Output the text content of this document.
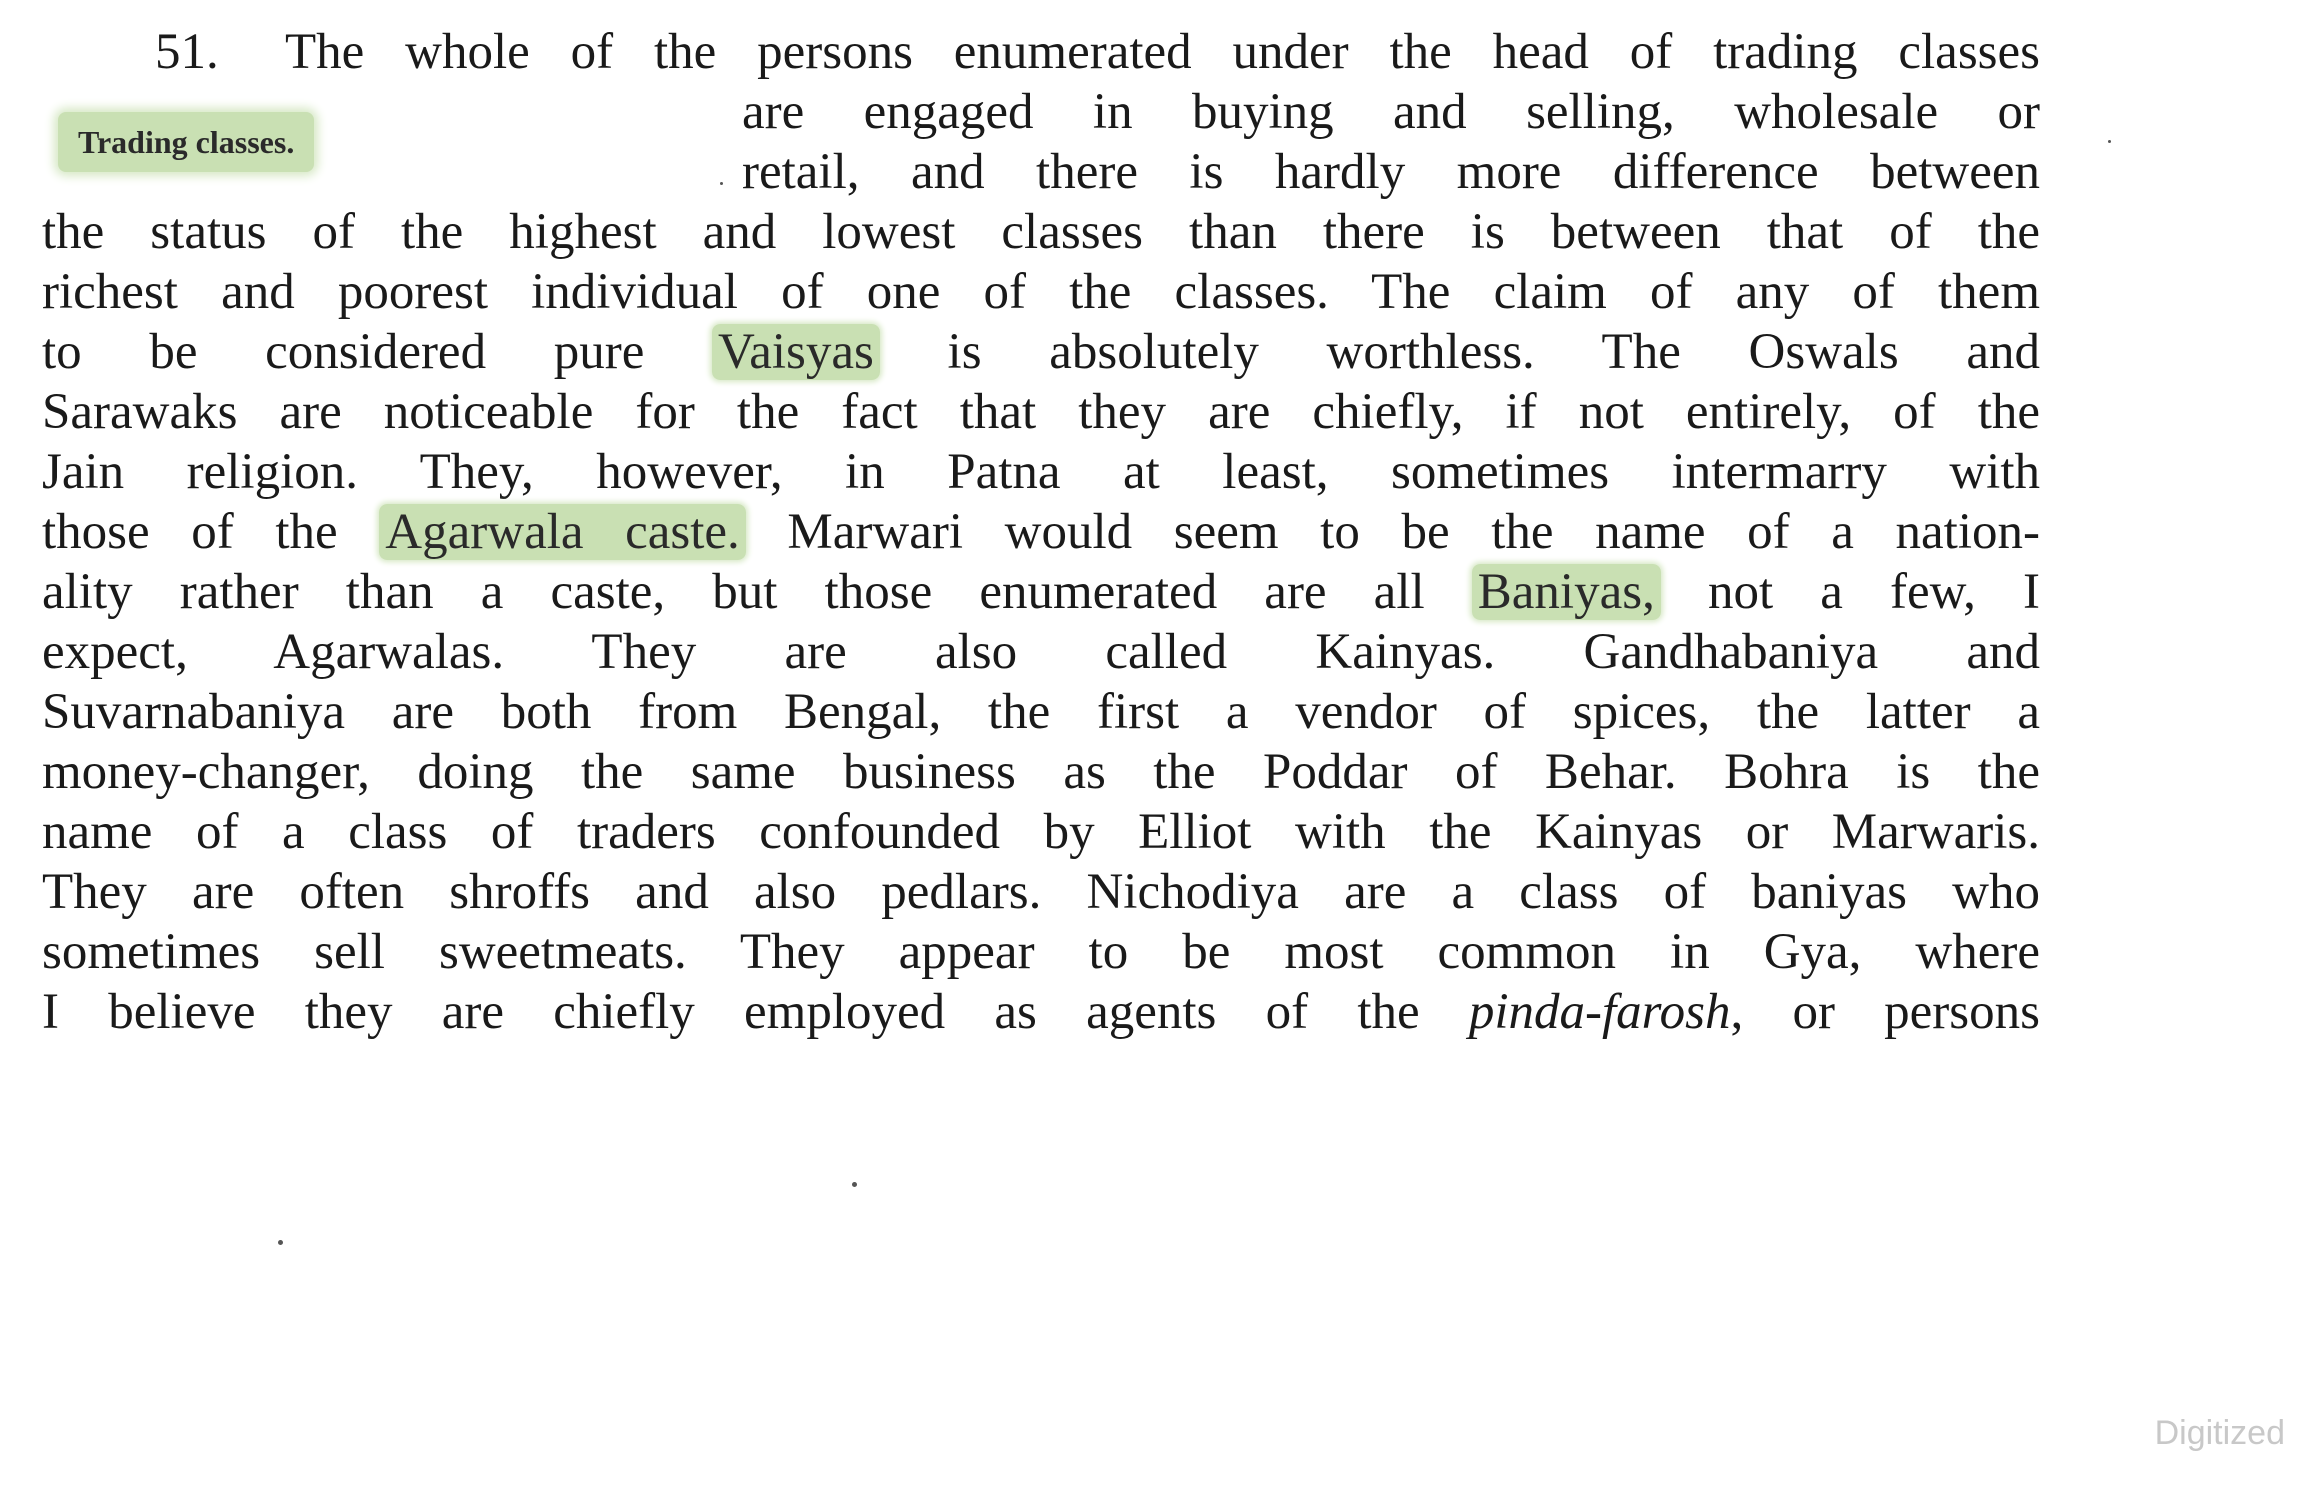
Trading classes.
51. The whole of the persons enumerated under the head of trading classes
are engaged in buying and selling, wholesale or
retail, and there is hardly more difference between
the status of the highest and lowest classes than there is between that of the
richest and poorest individual of one of the classes. The claim of any of them
to be considered pure Vaisyas is absolutely worthless. The Oswals and
Sarawaks are noticeable for the fact that they are chiefly, if not entirely, of the
Jain religion. They, however, in Patna at least, sometimes intermarry with
those of the Agarwala caste. Marwari would seem to be the name of a nation-
ality rather than a caste, but those enumerated are all Baniyas, not a few, I
expect, Agarwalas. They are also called Kainyas. Gandhabaniya and
Suvarnabaniya are both from Bengal, the first a vendor of spices, the latter a
money-changer, doing the same business as the Poddar of Behar. Bohra is the
name of a class of traders confounded by Elliot with the Kainyas or Marwaris.
They are often shroffs and also pedlars. Nichodiya are a class of baniyas who
sometimes sell sweetmeats. They appear to be most common in Gya, where
I believe they are chiefly employed as agents of the pinda-farosh, or persons
Digitized
